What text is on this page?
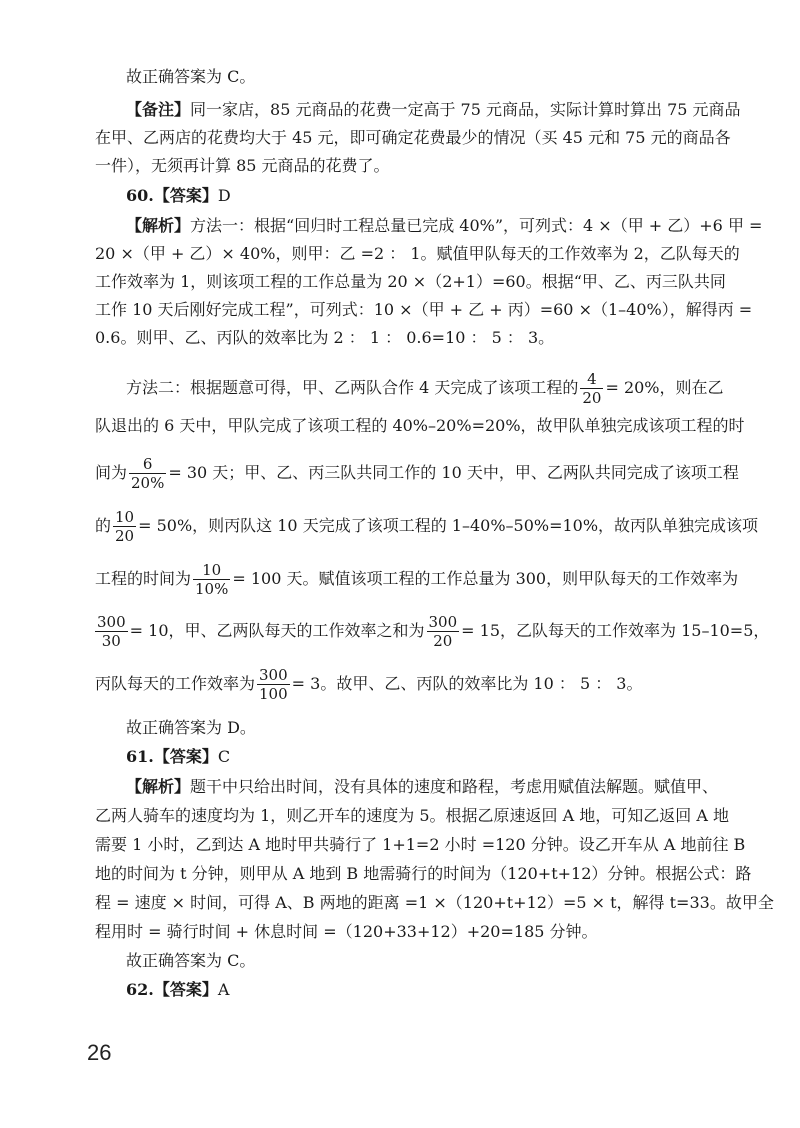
故正确答案为 C。
【备注】同一家店，85 元商品的花费一定高于 75 元商品，实际计算时算出 75 元商品
在甲、乙两店的花费均大于 45 元，即可确定花费最少的情况（买 45 元和 75 元的商品各
一件），无须再计算 85 元商品的花费了。
60.【答案】D
【解析】方法一：根据“回归时工程总量已完成 40%”，可列式：4 ×（甲 + 乙）+6 甲 =
20 ×（甲 + 乙）× 40%，则甲：乙 =2 ： 1。赋值甲队每天的工作效率为 2，乙队每天的
工作效率为 1，则该项工程的工作总量为 20 ×（2+1）=60。根据“甲、乙、丙三队共同
工作 10 天后刚好完成工程”，可列式：10 ×（甲 + 乙 + 丙）=60 ×（1–40%），解得丙 =
0.6。则甲、乙、丙队的效率比为 2 ： 1 ： 0.6=10 ： 5 ： 3。
方法二：根据题意可得，甲、乙两队合作 4 天完成了该项工程的 $\frac{4}{20} = 20\%$，则在乙
队退出的 6 天中，甲队完成了该项工程的 40%–20%=20%，故甲队单独完成该项工程的时
间为 $\frac{6}{20\%} = 30$ 天；甲、乙、丙三队共同工作的 10 天中，甲、乙两队共同完成了该项工程
的 $\frac{10}{20} = 50\%$，则丙队这 10 天完成了该项工程的 1–40%–50%=10%，故丙队单独完成该项
工程的时间为 $\frac{10}{10\%} = 100$ 天。赋值该项工程的工作总量为 300，则甲队每天的工作效率为
$\frac{300}{30} = 10$，甲、乙两队每天的工作效率之和为 $\frac{300}{20} = 15$，乙队每天的工作效率为 15–10=5，
丙队每天的工作效率为 $\frac{300}{100} = 3$。故甲、乙、丙队的效率比为 10 ： 5 ： 3。
故正确答案为 D。
61.【答案】C
【解析】题干中只给出时间，没有具体的速度和路程，考虑用赋值法解题。赋值甲、
乙两人骑车的速度均为 1，则乙开车的速度为 5。根据乙原速返回 A 地，可知乙返回 A 地
需要 1 小时，乙到达 A 地时甲共骑行了 1+1=2 小时 =120 分钟。设乙开车从 A 地前往 B
地的时间为 t 分钟，则甲从 A 地到 B 地需骑行的时间为（120+t+12）分钟。根据公式：路
程 = 速度 × 时间，可得 A、B 两地的距离 =1 ×（120+t+12）=5 × t，解得 t=33。故甲全
程用时 = 骑行时间 + 休息时间 =（120+33+12）+20=185 分钟。
故正确答案为 C。
62.【答案】A
26
